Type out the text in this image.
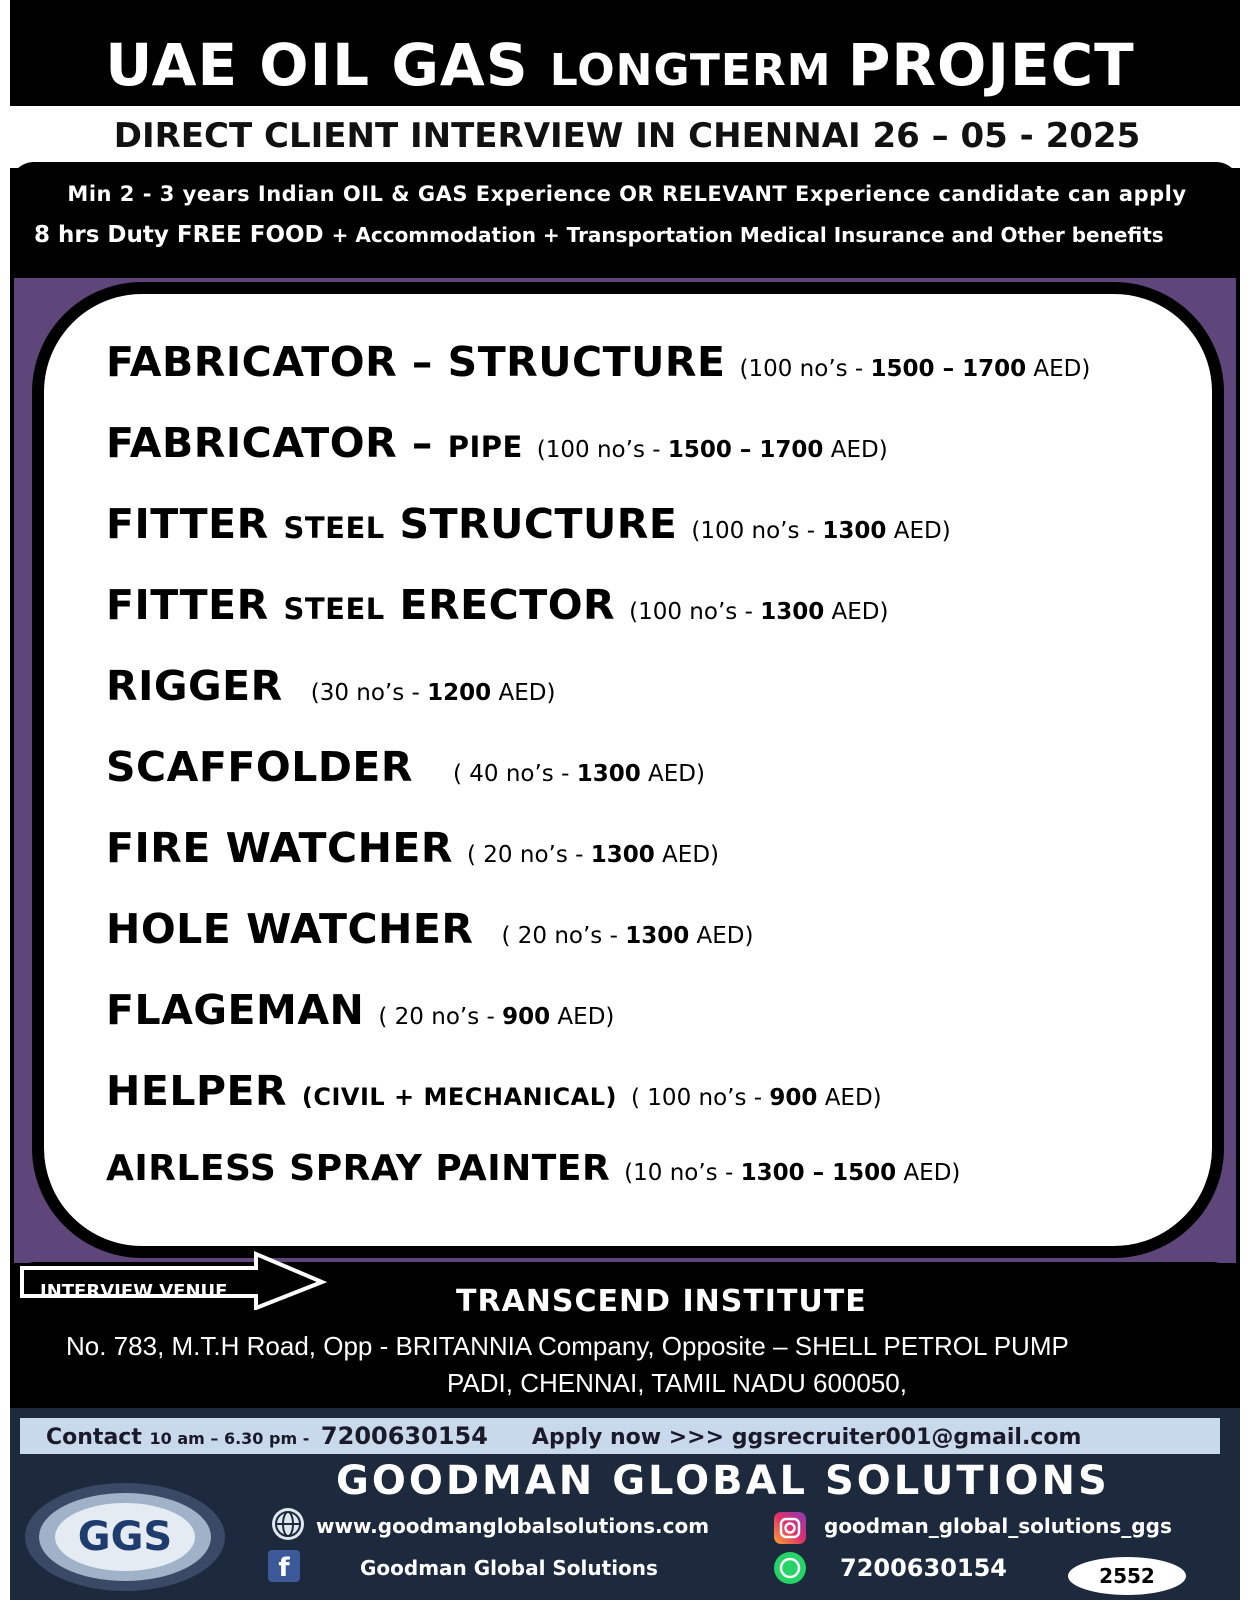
UAE OIL GAS LONGTERM PROJECT
DIRECT CLIENT INTERVIEW IN CHENNAI 26 – 05 - 2025
Min 2 - 3 years Indian OIL & GAS Experience OR RELEVANT Experience candidate can apply
8 hrs Duty FREE FOOD + Accommodation + Transportation Medical Insurance and Other benefits
FABRICATOR – STRUCTURE (100 no’s - 1500 – 1700 AED)
FABRICATOR – PIPE (100 no’s - 1500 – 1700 AED)
FITTER STEEL STRUCTURE (100 no’s - 1300 AED)
FITTER STEEL ERECTOR (100 no’s - 1300 AED)
RIGGER (30 no’s - 1200 AED)
SCAFFOLDER ( 40 no’s - 1300 AED)
FIRE WATCHER ( 20 no’s - 1300 AED)
HOLE WATCHER ( 20 no’s - 1300 AED)
FLAGEMAN ( 20 no’s - 900 AED)
HELPER (CIVIL + MECHANICAL) ( 100 no’s - 900 AED)
AIRLESS SPRAY PAINTER (10 no’s - 1300 – 1500 AED)
INTERVIEW VENUE	TRANSCEND INSTITUTE
No. 783, M.T.H Road, Opp - BRITANNIA Company, Opposite – SHELL PETROL PUMP
PADI, CHENNAI, TAMIL NADU 600050,
Contact 10 am – 6.30 pm - 7200630154 Apply now >>> ggsrecruiter001@gmail.com
GOODMAN GLOBAL SOLUTIONS
GGS	www.goodmanglobalsolutions.com
f	Goodman Global Solutions
goodman_global_solutions_ggs
7200630154	2552
